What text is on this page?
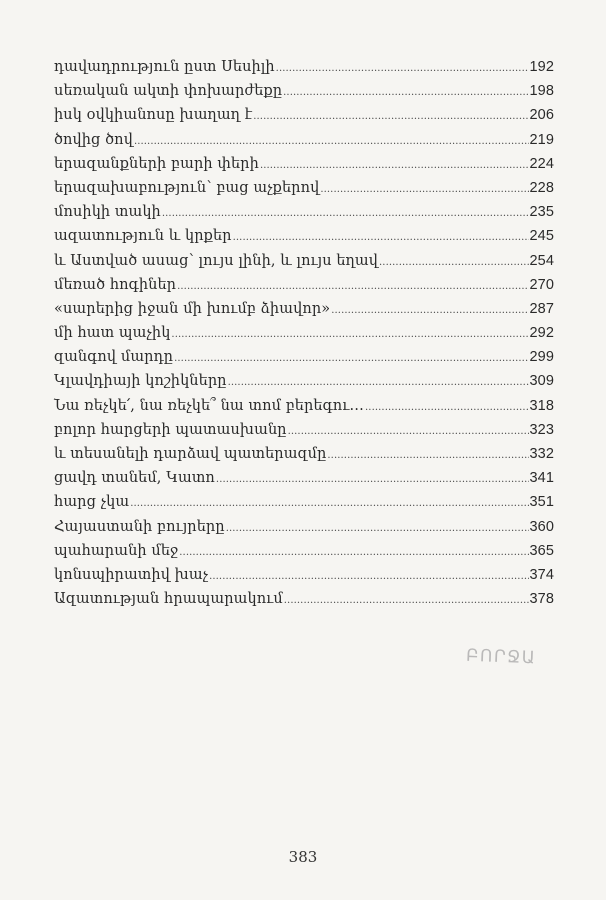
դավադրություն ըստ Սեսիլի .....	192
սեռական ակտի փոխարժեքը .....	198
իսկ օվկիանոսը խաղաղ է .....	206
ծովից ծով .....	219
երազանքների բարի փերի .....	224
երազախաբություն՝ բաց աչքերով .....	228
մոսիկի տակի .....	235
ազատություն և կրքեր .....	245
և Աստված ասաց՝ լույս լինի, և լույս եղավ .....	254
մեռած հոգիներ .....	270
«սարերից իջան մի խումբ ձիավոր» .....	287
մի հատ պաչիկ .....	292
զանգով մարդը .....	299
Կլավդիայի կոշիկները .....	309
Նա ռեչկե՛, նա ռեչկե՞ նա տոմ բերեգու… .....	318
բոլոր հարցերի պատասխանը .....	323
և տեսանելի դարձավ պատերազմը .....	332
ցավդ տանեմ, Կատո .....	341
հարց չկա .....	351
Հայաստանի բույրերը .....	360
պահարանի մեջ .....	365
կոնսպիրատիվ խաչ .....	374
Ազատության հրապարակում .....	378
ԲՈՐՋԱ
383
